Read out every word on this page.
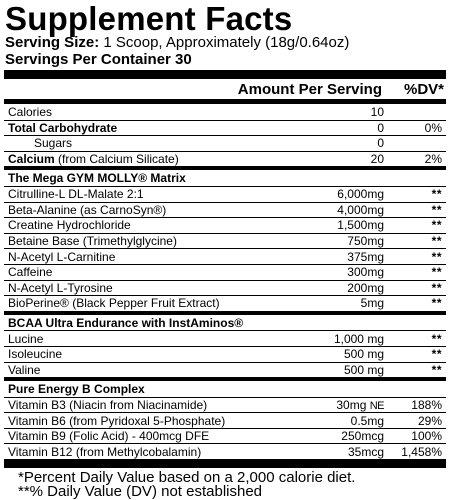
Supplement Facts
Serving Size: 1 Scoop, Approximately (18g/0.64oz)
Servings Per Container 30
Amount Per Serving	%DV*
Calories	10
Total Carbohydrate	0	0%
Sugars	0
Calcium (from Calcium Silicate)	20	2%
The Mega GYM MOLLY® Matrix
Citrulline-L DL-Malate 2:1	6,000mg	**
Beta-Alanine (as CarnoSyn®)	4,000mg	**
Creatine Hydrochloride	1,500mg	**
Betaine Base (Trimethylglycine)	750mg	**
N-Acetyl L-Carnitine	375mg	**
Caffeine	300mg	**
N-Acetyl L-Tyrosine	200mg	**
BioPerine® (Black Pepper Fruit Extract)	5mg	**
BCAA Ultra Endurance with InstAminos®
Lucine	1,000 mg	**
Isoleucine	500 mg	**
Valine	500 mg	**
Pure Energy B Complex
Vitamin B3 (Niacin from Niacinamide)	30mg NE	188%
Vitamin B6 (from Pyridoxal 5-Phosphate)	0.5mg	29%
Vitamin B9 (Folic Acid) - 400mcg DFE	250mcg	100%
Vitamin B12 (from Methylcobalamin)	35mcg	1,458%
*Percent Daily Value based on a 2,000 calorie diet.
**% Daily Value (DV) not established
